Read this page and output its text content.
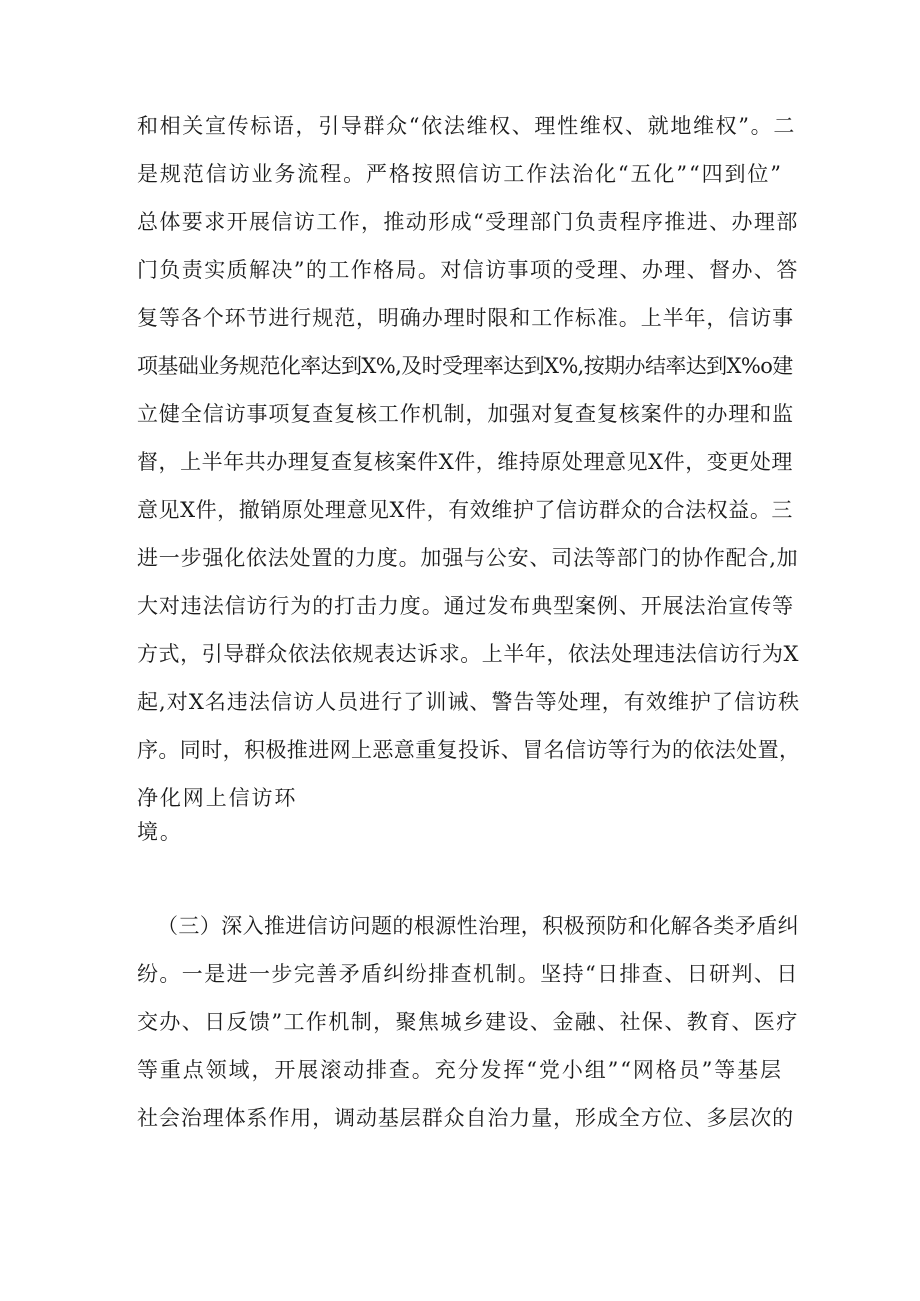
和相关宣传标语，引导群众“依法维权、理性维权、就地维权”。二
是规范信访业务流程。严格按照信访工作法治化“五化”“四到位”
总体要求开展信访工作，推动形成“受理部门负责程序推进、办理部
门负责实质解决”的工作格局。对信访事项的受理、办理、督办、答
复等各个环节进行规范，明确办理时限和工作标准。上半年，信访事
项基础业务规范化率达到X%,及时受理率达到X%,按期办结率达到X%o建
立健全信访事项复查复核工作机制，加强对复查复核案件的办理和监
督，上半年共办理复查复核案件X件，维持原处理意见X件，变更处理
意见X件，撤销原处理意见X件，有效维护了信访群众的合法权益。三
进一步强化依法处置的力度。加强与公安、司法等部门的协作配合,加
大对违法信访行为的打击力度。通过发布典型案例、开展法治宣传等
方式，引导群众依法依规表达诉求。上半年，依法处理违法信访行为X
起,对X名违法信访人员进行了训诫、警告等处理，有效维护了信访秩
序。同时，积极推进网上恶意重复投诉、冒名信访等行为的依法处置，
净化网上信访环
境。
（三）深入推进信访问题的根源性治理，积极预防和化解各类矛盾纠
纷。一是进一步完善矛盾纠纷排查机制。坚持“日排查、日研判、日
交办、日反馈”工作机制，聚焦城乡建设、金融、社保、教育、医疗
等重点领域，开展滚动排查。充分发挥“党小组”“网格员”等基层
社会治理体系作用，调动基层群众自治力量，形成全方位、多层次的
